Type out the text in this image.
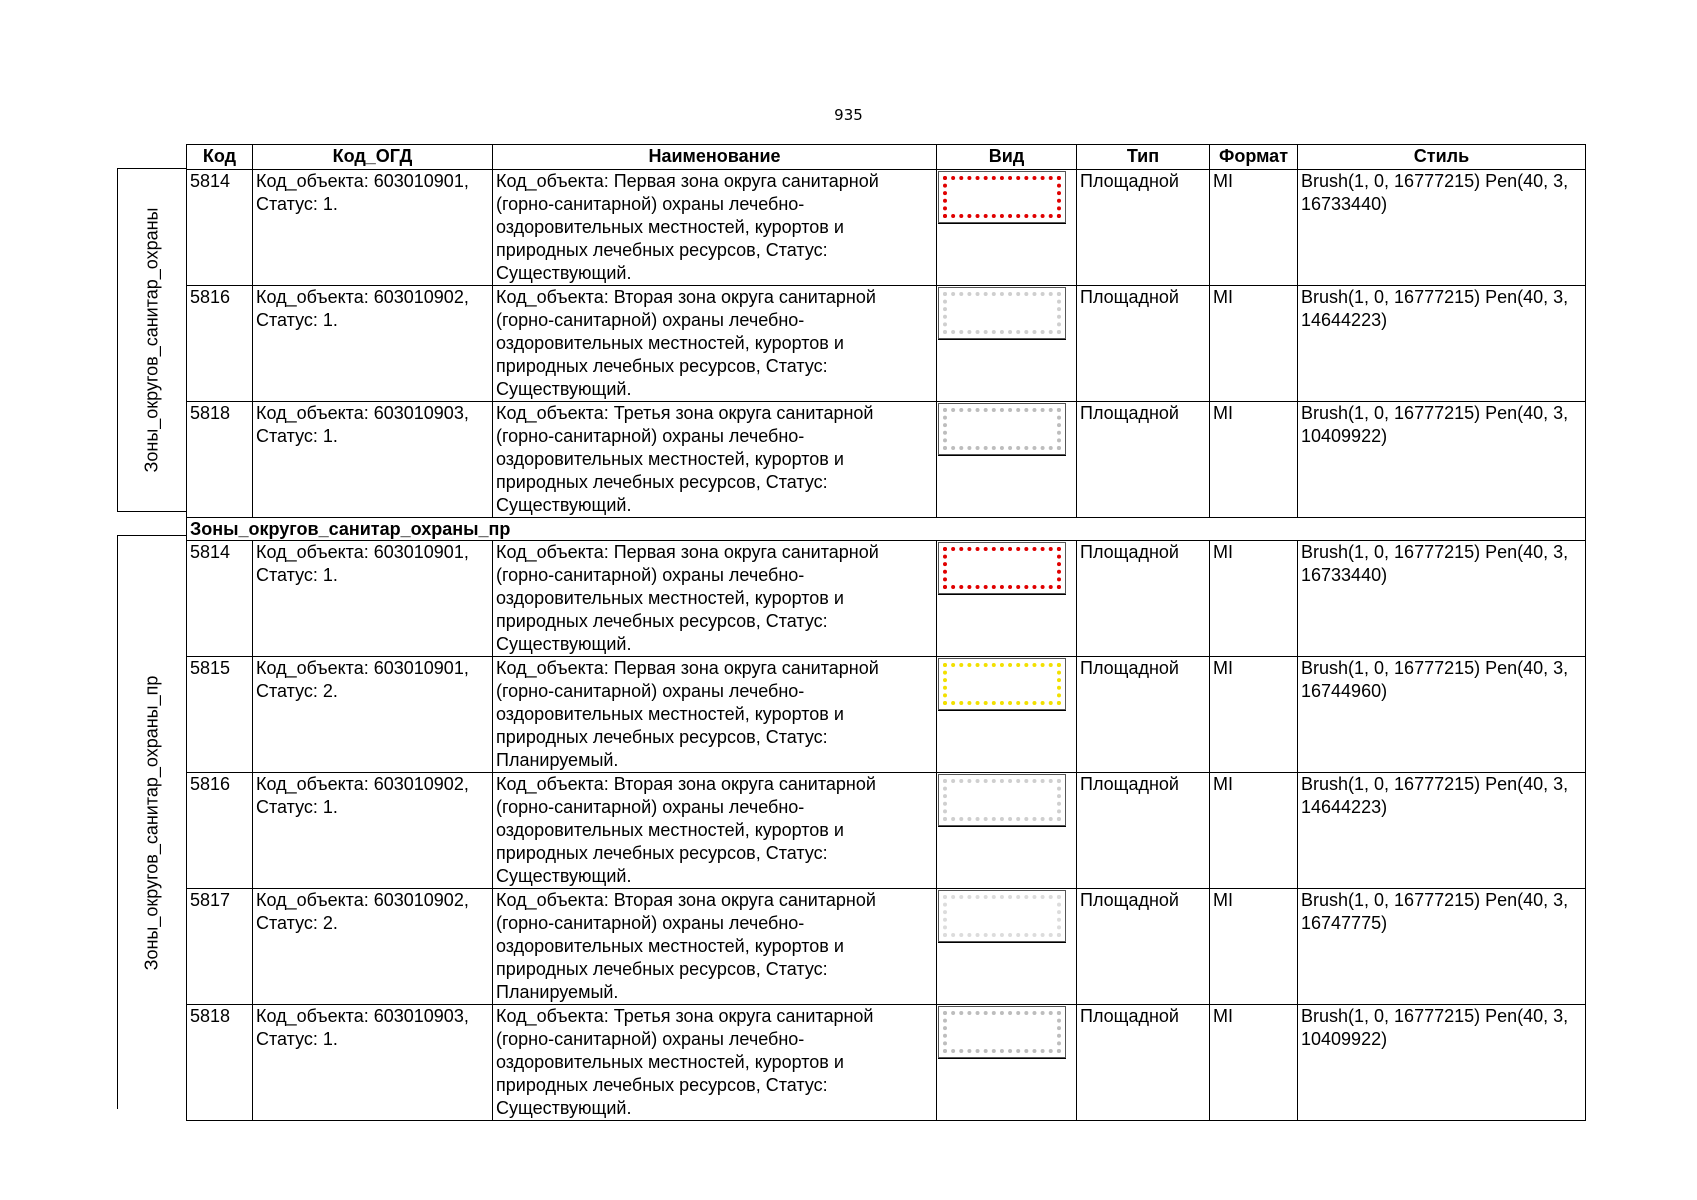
935
Зоны_округов_санитар_охраны
Зоны_округов_санитар_охраны_пр
Код	Код_ОГД	Наименование	Вид	Тип	Формат	Стиль
5814	Код_объекта: 603010901, Статус: 1.	Код_объекта: Первая зона округа санитарной (горно-санитарной) охраны лечебно-оздоровительных местностей, курортов и природных лечебных ресурсов, Статус: Существующий.		Площадной	MI	Brush(1, 0, 16777215) Pen(40, 3, 16733440)
5816	Код_объекта: 603010902, Статус: 1.	Код_объекта: Вторая зона округа санитарной (горно-санитарной) охраны лечебно-оздоровительных местностей, курортов и природных лечебных ресурсов, Статус: Существующий.		Площадной	MI	Brush(1, 0, 16777215) Pen(40, 3, 14644223)
5818	Код_объекта: 603010903, Статус: 1.	Код_объекта: Третья зона округа санитарной (горно-санитарной) охраны лечебно-оздоровительных местностей, курортов и природных лечебных ресурсов, Статус: Существующий.		Площадной	MI	Brush(1, 0, 16777215) Pen(40, 3, 10409922)
Зоны_округов_санитар_охраны_пр						
5814	Код_объекта: 603010901, Статус: 1.	Код_объекта: Первая зона округа санитарной (горно-санитарной) охраны лечебно-оздоровительных местностей, курортов и природных лечебных ресурсов, Статус: Существующий.		Площадной	MI	Brush(1, 0, 16777215) Pen(40, 3, 16733440)
5815	Код_объекта: 603010901, Статус: 2.	Код_объекта: Первая зона округа санитарной (горно-санитарной) охраны лечебно-оздоровительных местностей, курортов и природных лечебных ресурсов, Статус: Планируемый.		Площадной	MI	Brush(1, 0, 16777215) Pen(40, 3, 16744960)
5816	Код_объекта: 603010902, Статус: 1.	Код_объекта: Вторая зона округа санитарной (горно-санитарной) охраны лечебно-оздоровительных местностей, курортов и природных лечебных ресурсов, Статус: Существующий.		Площадной	MI	Brush(1, 0, 16777215) Pen(40, 3, 14644223)
5817	Код_объекта: 603010902, Статус: 2.	Код_объекта: Вторая зона округа санитарной (горно-санитарной) охраны лечебно-оздоровительных местностей, курортов и природных лечебных ресурсов, Статус: Планируемый.		Площадной	MI	Brush(1, 0, 16777215) Pen(40, 3, 16747775)
5818	Код_объекта: 603010903, Статус: 1.	Код_объекта: Третья зона округа санитарной (горно-санитарной) охраны лечебно-оздоровительных местностей, курортов и природных лечебных ресурсов, Статус: Существующий.		Площадной	MI	Brush(1, 0, 16777215) Pen(40, 3, 10409922)
